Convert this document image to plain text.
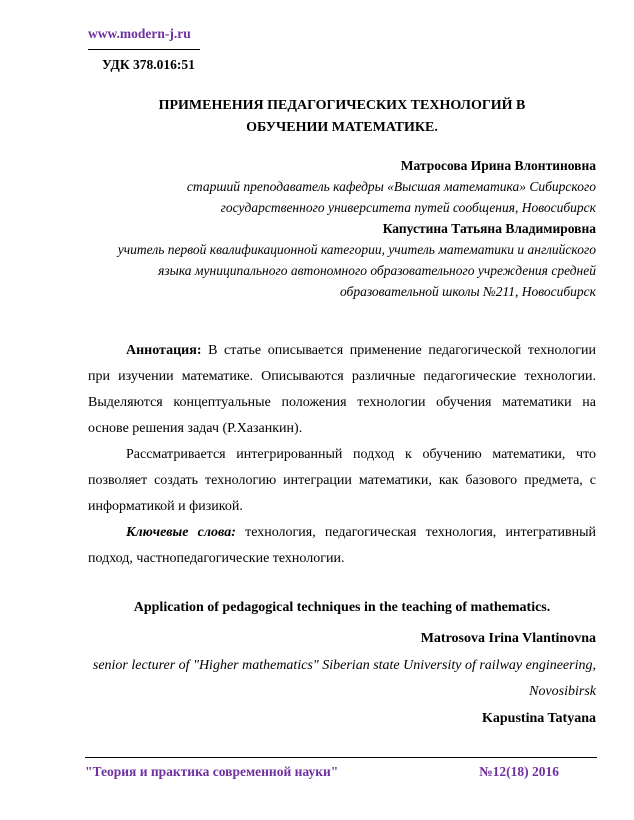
www.modern-j.ru
УДК 378.016:51
ПРИМЕНЕНИЯ ПЕДАГОГИЧЕСКИХ ТЕХНОЛОГИЙ В ОБУЧЕНИИ МАТЕМАТИКЕ.
Матросова Ирина Влонтиновна
старший преподаватель кафедры «Высшая математика» Сибирского государственного университета путей сообщения, Новосибирск
Капустина Татьяна Владимировна
учитель первой квалификационной категории, учитель математики и английского языка муниципального автономного образовательного учреждения средней образовательной школы №211, Новосибирск

Аннотация: В статье описывается применение педагогической технологии при изучении математике. Описываются различные педагогические технологии. Выделяются концептуальные положения технологии обучения математики на основе решения задач (Р.Хазанкин).

Рассматривается интегрированный подход к обучению математики, что позволяет создать технологию интеграции математики, как базового предмета, с информатикой и физикой.

Ключевые слова: технология, педагогическая технология, интегративный подход, частнопедагогические технологии.

Application of pedagogical techniques in the teaching of mathematics.
Matrosova Irina Vlantinovna
senior lecturer of "Higher mathematics" Siberian state University of railway engineering, Novosibirsk
Kapustina Tatyana
"Теория и практика современной науки"	№12(18) 2016
